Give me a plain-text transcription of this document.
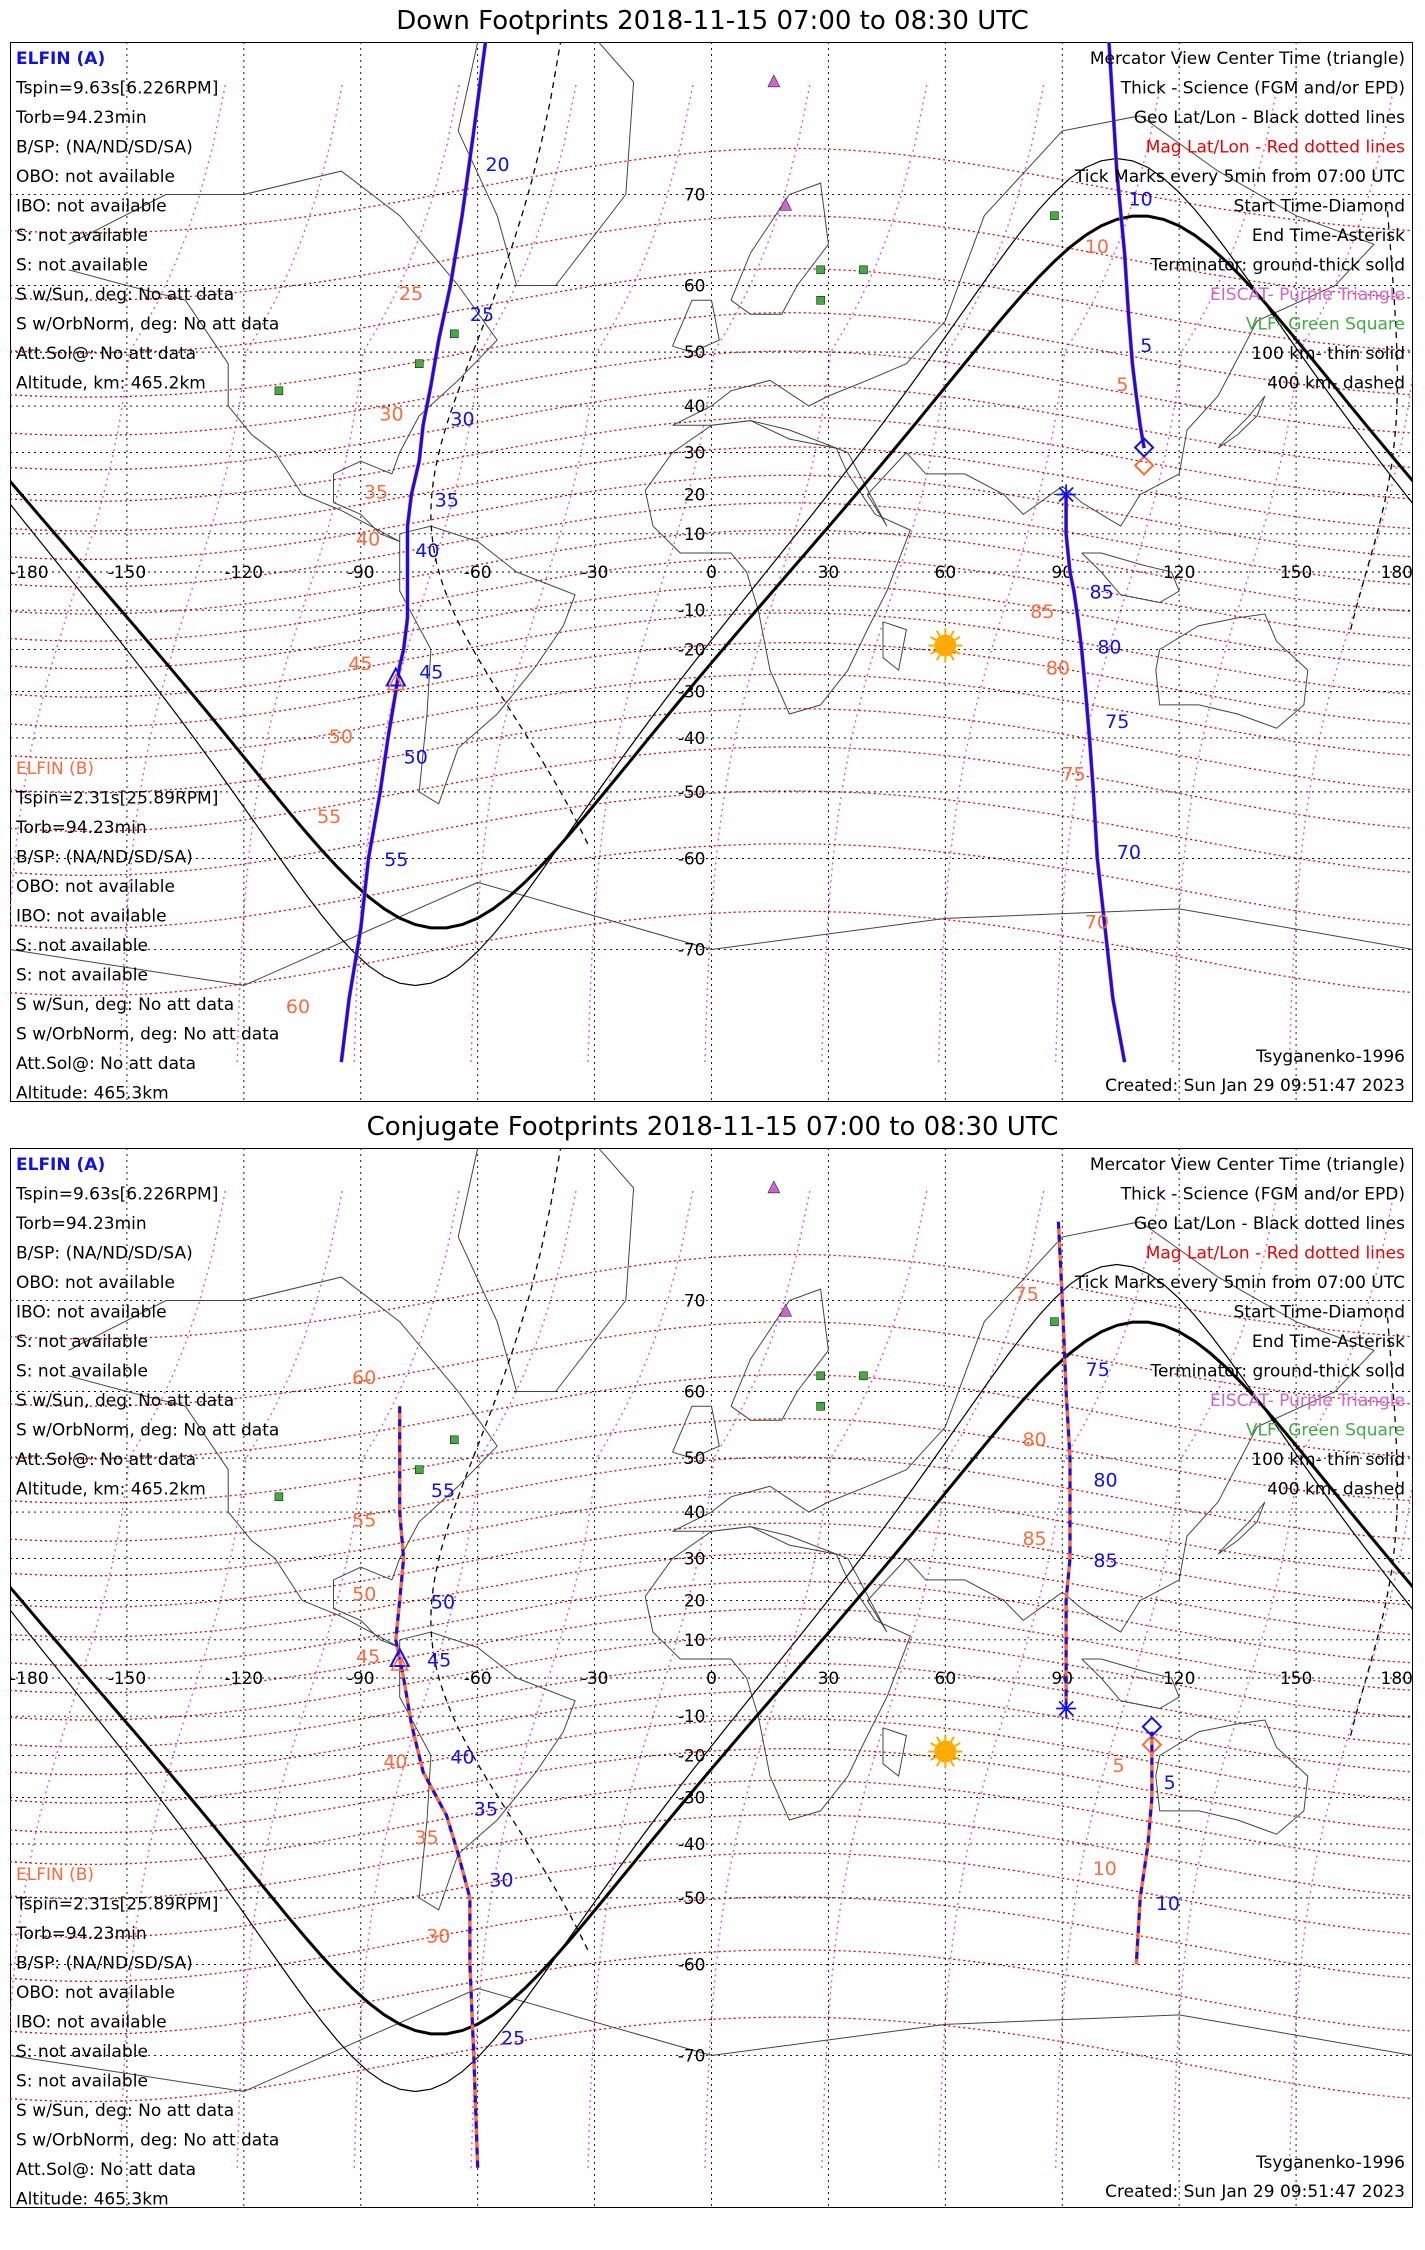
Down Footprints 2018-11-15 07:00 to 08:30 UTC
-180	-150	-120	-90	-60	-30	0	30	60	90	120	150	180
70
60
50
40
30
20
10
-10
-20
-30
-40
-50
-60
-70
20
25
30
35
40
45
50
55
10
5
85
80
75
70
25
30
35
40
45
50
55
60
10
5
85
80
75
70
ELFIN (A)
Tspin=9.63s[6.226RPM]
Torb=94.23min
B/SP: (NA/ND/SD/SA)
OBO: not available
IBO: not available
S: not available
S: not available
S w/Sun, deg: No att data
S w/OrbNorm, deg: No att data
Att.Sol@: No att data
Altitude, km: 465.2km
ELFIN (B)
Tspin=2.31s[25.89RPM]
Torb=94.23min
B/SP: (NA/ND/SD/SA)
OBO: not available
IBO: not available
S: not available
S: not available
S w/Sun, deg: No att data
S w/OrbNorm, deg: No att data
Att.Sol@: No att data
Altitude: 465.3km
Mercator View Center Time (triangle)
Thick - Science (FGM and/or EPD)
Geo Lat/Lon - Black dotted lines
Mag Lat/Lon - Red dotted lines
Tick Marks every 5min from 07:00 UTC
Start Time-Diamond
End Time-Asterisk
Terminator: ground-thick solid
EISCAT- Purple Triangle
VLF- Green Square
100 km- thin solid
400 km- dashed
Tsyganenko-1996
Created: Sun Jan 29 09:51:47 2023
Conjugate Footprints 2018-11-15 07:00 to 08:30 UTC
-180	-150	-120	-90	-60	-30	0	30	60	90	120	150	180
70
60
50
40
30
20
10
-10
-20
-30
-40
-50
-60
-70
55
50
45
40
35
30
25
75
80
85
5
10
60
55
50
45
40
35
30
75
80
85
5
10
ELFIN (A)
Tspin=9.63s[6.226RPM]
Torb=94.23min
B/SP: (NA/ND/SD/SA)
OBO: not available
IBO: not available
S: not available
S: not available
S w/Sun, deg: No att data
S w/OrbNorm, deg: No att data
Att.Sol@: No att data
Altitude, km: 465.2km
ELFIN (B)
Tspin=2.31s[25.89RPM]
Torb=94.23min
B/SP: (NA/ND/SD/SA)
OBO: not available
IBO: not available
S: not available
S: not available
S w/Sun, deg: No att data
S w/OrbNorm, deg: No att data
Att.Sol@: No att data
Altitude: 465.3km
Mercator View Center Time (triangle)
Thick - Science (FGM and/or EPD)
Geo Lat/Lon - Black dotted lines
Mag Lat/Lon - Red dotted lines
Tick Marks every 5min from 07:00 UTC
Start Time-Diamond
End Time-Asterisk
Terminator: ground-thick solid
EISCAT- Purple Triangle
VLF- Green Square
100 km- thin solid
400 km- dashed
Tsyganenko-1996
Created: Sun Jan 29 09:51:47 2023
